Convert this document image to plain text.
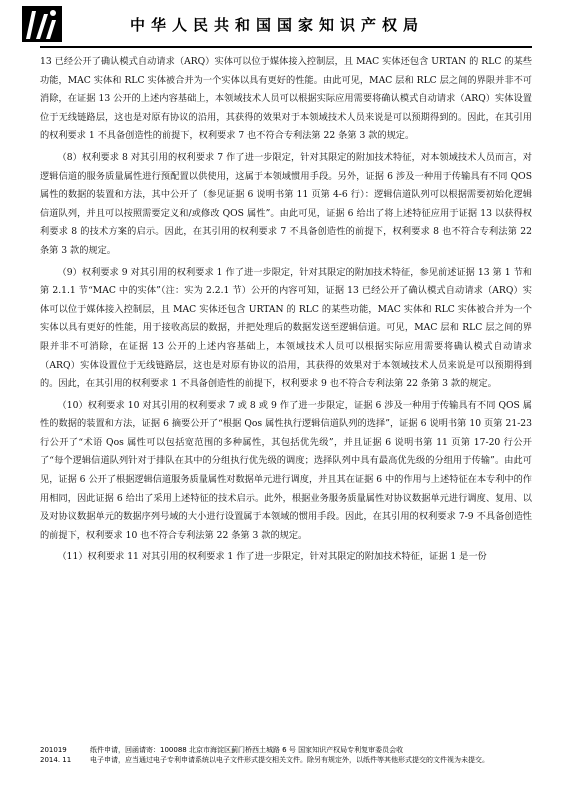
中华人民共和国国家知识产权局

13 已经公开了确认模式自动请求（ARQ）实体可以位于媒体接入控制层，且 MAC 实体还包含 URTAN 的 RLC 的某些功能，MAC 实体和 RLC 实体被合并为一个实体以具有更好的性能。由此可见，MAC 层和 RLC 层之间的界限并非不可消除，在证据 13 公开的上述内容基础上，本领域技术人员可以根据实际应用需要将确认模式自动请求（ARQ）实体设置位于无线链路层，这也是对原有协议的沿用，其获得的效果对于本领域技术人员来说是可以预期得到的。因此，在其引用的权利要求 1 不具备创造性的前提下，权利要求 7 也不符合专利法第 22 条第 3 款的规定。

（8）权利要求 8 对其引用的权利要求 7 作了进一步限定，针对其限定的附加技术特征，对本领域技术人员而言，对逻辑信道的服务质量属性进行预配置以供使用，这属于本领域惯用手段。另外，证据 6 涉及一种用于传输具有不同 QOS 属性的数据的装置和方法，其中公开了（参见证据 6 说明书第 11 页第 4-6 行）：逻辑信道队列可以根据需要初始化逻辑信道队列，并且可以按照需要定义和/或修改 QOS 属性”。由此可见，证据 6 给出了将上述特征应用于证据 13 以获得权利要求 8 的技术方案的启示。因此，在其引用的权利要求 7 不具备创造性的前提下，权利要求 8 也不符合专利法第 22 条第 3 款的规定。

（9）权利要求 9 对其引用的权利要求 1 作了进一步限定，针对其限定的附加技术特征，参见前述证据 13 第 1 节和第 2.1.1 节“MAC 中的实体”（注：实为 2.2.1 节）公开的内容可知，证据 13 已经公开了确认模式自动请求（ARQ）实体可以位于媒体接入控制层，且 MAC 实体还包含 URTAN 的 RLC 的某些功能，MAC 实体和 RLC 实体被合并为一个实体以具有更好的性能，用于接收高层的数据，并把处理后的数据发送至逻辑信道。可见，MAC 层和 RLC 层之间的界限并非不可消除，在证据 13 公开的上述内容基础上，本领域技术人员可以根据实际应用需要将确认模式自动请求（ARQ）实体设置位于无线链路层，这也是对原有协议的沿用，其获得的效果对于本领域技术人员来说是可以预期得到的。因此，在其引用的权利要求 1 不具备创造性的前提下，权利要求 9 也不符合专利法第 22 条第 3 款的规定。

（10）权利要求 10 对其引用的权利要求 7 或 8 或 9 作了进一步限定，证据 6 涉及一种用于传输具有不同 QOS 属性的数据的装置和方法，证据 6 摘要公开了“根据 Qos 属性执行逻辑信道队列的选择”，证据 6 说明书第 10 页第 21-23 行公开了“术语 Qos 属性可以包括宽范围的多种属性，其包括优先级”，并且证据 6 说明书第 11 页第 17-20 行公开了“每个逻辑信道队列针对于排队在其中的分组执行优先级的调度；选择队列中具有最高优先级的分组用于传输”。由此可见，证据 6 公开了根据逻辑信道服务质量属性对数据单元进行调度，并且其在证据 6 中的作用与上述特征在本专利中的作用相同，因此证据 6 给出了采用上述特征的技术启示。此外，根据业务服务质量属性对协议数据单元进行调度、复用、以及对协议数据单元的数据序列号域的大小进行设置属于本领域的惯用手段。因此，在其引用的权利要求 7-9 不具备创造性的前提下，权利要求 10 也不符合专利法第 22 条第 3 款的规定。

（11）权利要求 11 对其引用的权利要求 1 作了进一步限定，针对其限定的附加技术特征，证据 1 是一份

201019	纸件申请，回函请寄：100088 北京市海淀区蓟门桥西土城路 6 号 国家知识产权局专利复审委员会收
2014. 11	电子申请，应当通过电子专利申请系统以电子文件形式提交相关文件。除另有规定外，以纸件等其他形式提交的文件视为未提交。
